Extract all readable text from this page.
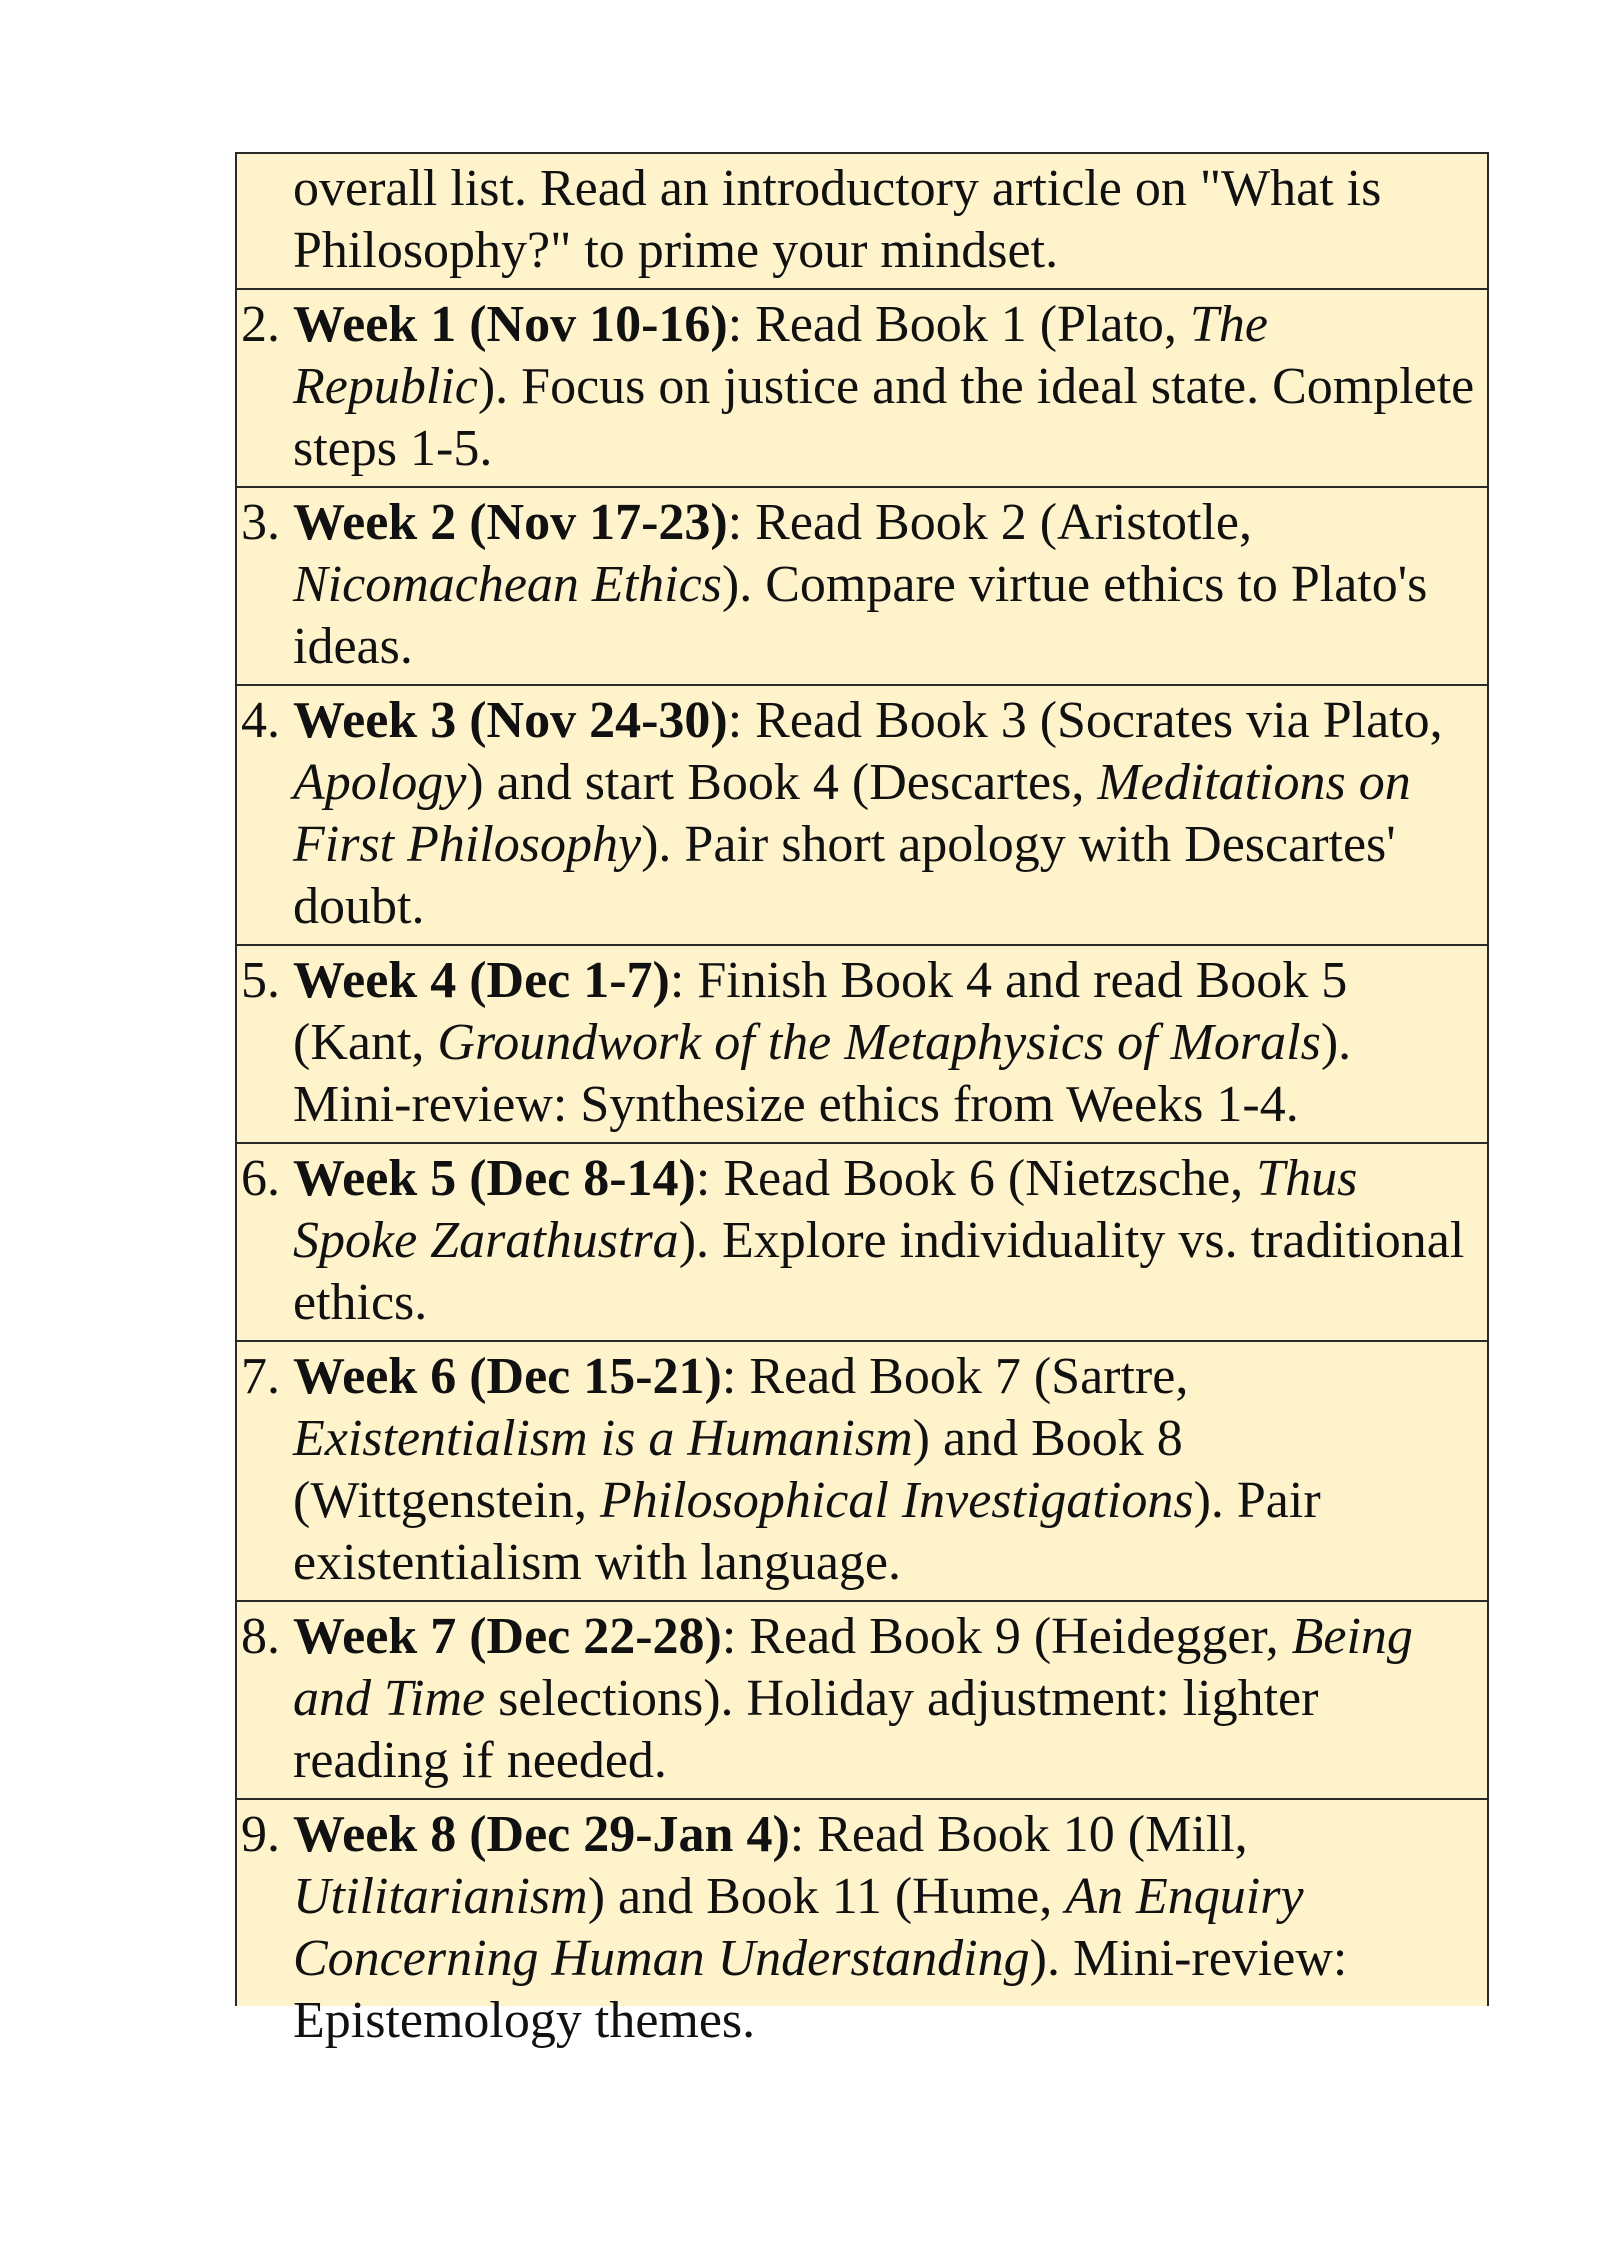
overall list. Read an introductory article on "What is Philosophy?" to prime your mindset.
2. Week 1 (Nov 10-16): Read Book 1 (Plato, The Republic). Focus on justice and the ideal state. Complete steps 1-5.
3. Week 2 (Nov 17-23): Read Book 2 (Aristotle, Nicomachean Ethics). Compare virtue ethics to Plato's ideas.
4. Week 3 (Nov 24-30): Read Book 3 (Socrates via Plato, Apology) and start Book 4 (Descartes, Meditations on First Philosophy). Pair short apology with Descartes' doubt.
5. Week 4 (Dec 1-7): Finish Book 4 and read Book 5 (Kant, Groundwork of the Metaphysics of Morals). Mini-review: Synthesize ethics from Weeks 1-4.
6. Week 5 (Dec 8-14): Read Book 6 (Nietzsche, Thus Spoke Zarathustra). Explore individuality vs. traditional ethics.
7. Week 6 (Dec 15-21): Read Book 7 (Sartre, Existentialism is a Humanism) and Book 8 (Wittgenstein, Philosophical Investigations). Pair existentialism with language.
8. Week 7 (Dec 22-28): Read Book 9 (Heidegger, Being and Time selections). Holiday adjustment: lighter reading if needed.
9. Week 8 (Dec 29-Jan 4): Read Book 10 (Mill, Utilitarianism) and Book 11 (Hume, An Enquiry Concerning Human Understanding). Mini-review: Epistemology themes.
